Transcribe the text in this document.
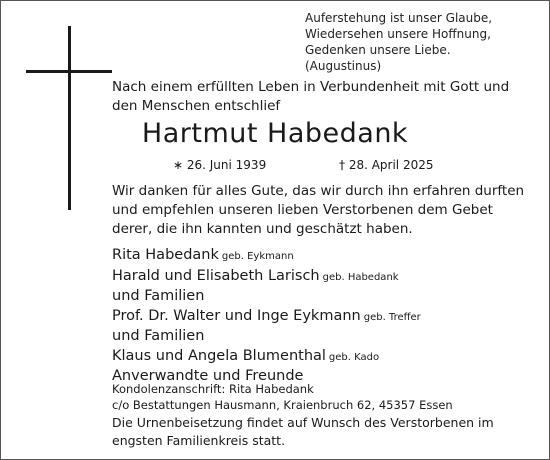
Auferstehung ist unser Glaube,
Wiedersehen unsere Hoffnung,
Gedenken unsere Liebe.
(Augustinus)
Nach einem erfüllten Leben in Verbundenheit mit Gott und
den Menschen entschlief
Hartmut Habedank
∗ 26. Juni 1939	† 28. April 2025
Wir danken für alles Gute, das wir durch ihn erfahren durften
und empfehlen unseren lieben Verstorbenen dem Gebet
derer, die ihn kannten und geschätzt haben.
Rita Habedank geb. Eykmann
Harald und Elisabeth Larisch geb. Habedank
und Familien
Prof. Dr. Walter und Inge Eykmann geb. Treffer
und Familien
Klaus und Angela Blumenthal geb. Kado
Anverwandte und Freunde
Kondolenzanschrift: Rita Habedank
c/o Bestattungen Hausmann, Kraienbruch 62, 45357 Essen
Die Urnenbeisetzung findet auf Wunsch des Verstorbenen im
engsten Familienkreis statt.
